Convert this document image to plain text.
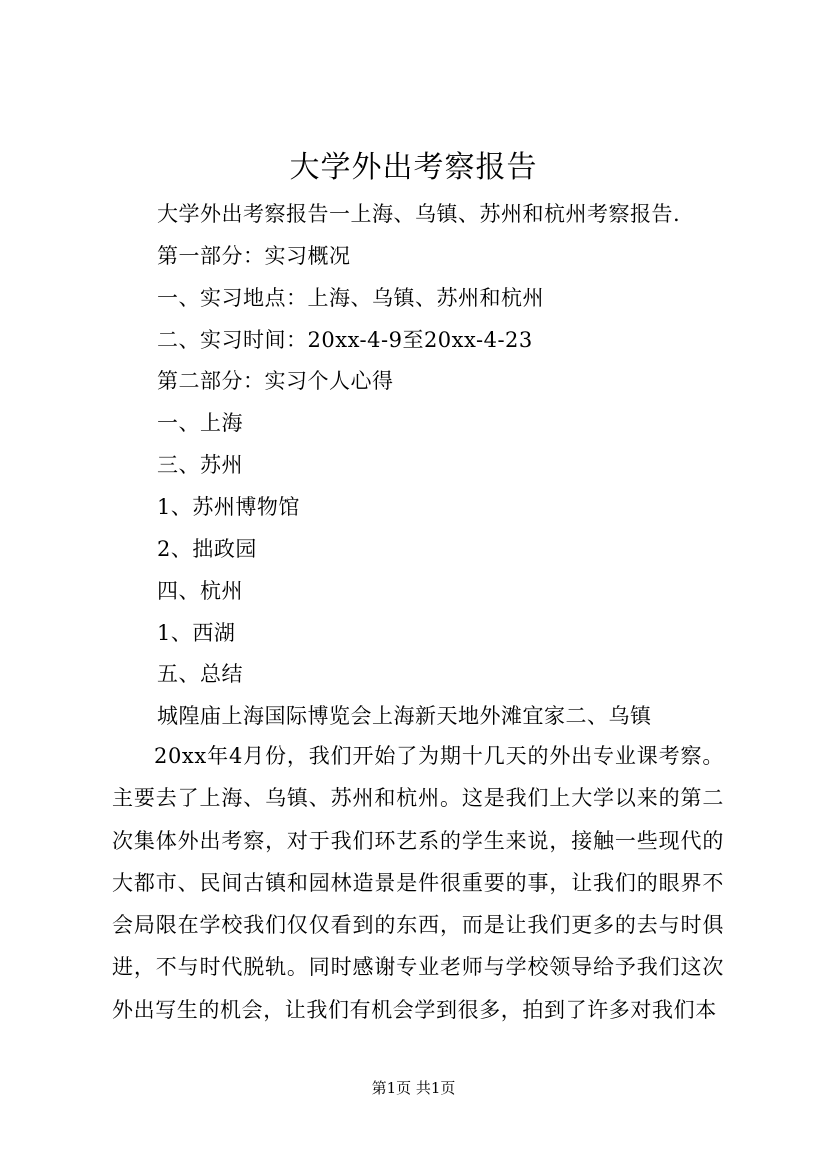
大学外出考察报告
大学外出考察报告一上海、乌镇、苏州和杭州考察报告.
第一部分：实习概况
一、实习地点：上海、乌镇、苏州和杭州
二、实习时间：20xx-4-9至20xx-4-23
第二部分：实习个人心得
一、上海
三、苏州
1、苏州博物馆
2、拙政园
四、杭州
1、西湖
五、总结
城隍庙上海国际博览会上海新天地外滩宜家二、乌镇
20xx年4月份，我们开始了为期十几天的外出专业课考察。主要去了上海、乌镇、苏州和杭州。这是我们上大学以来的第二次集体外出考察，对于我们环艺系的学生来说，接触一些现代的大都市、民间古镇和园林造景是件很重要的事，让我们的眼界不会局限在学校我们仅仅看到的东西，而是让我们更多的去与时俱进，不与时代脱轨。同时感谢专业老师与学校领导给予我们这次外出写生的机会，让我们有机会学到很多，拍到了许多对我们本
第1页 共1页
